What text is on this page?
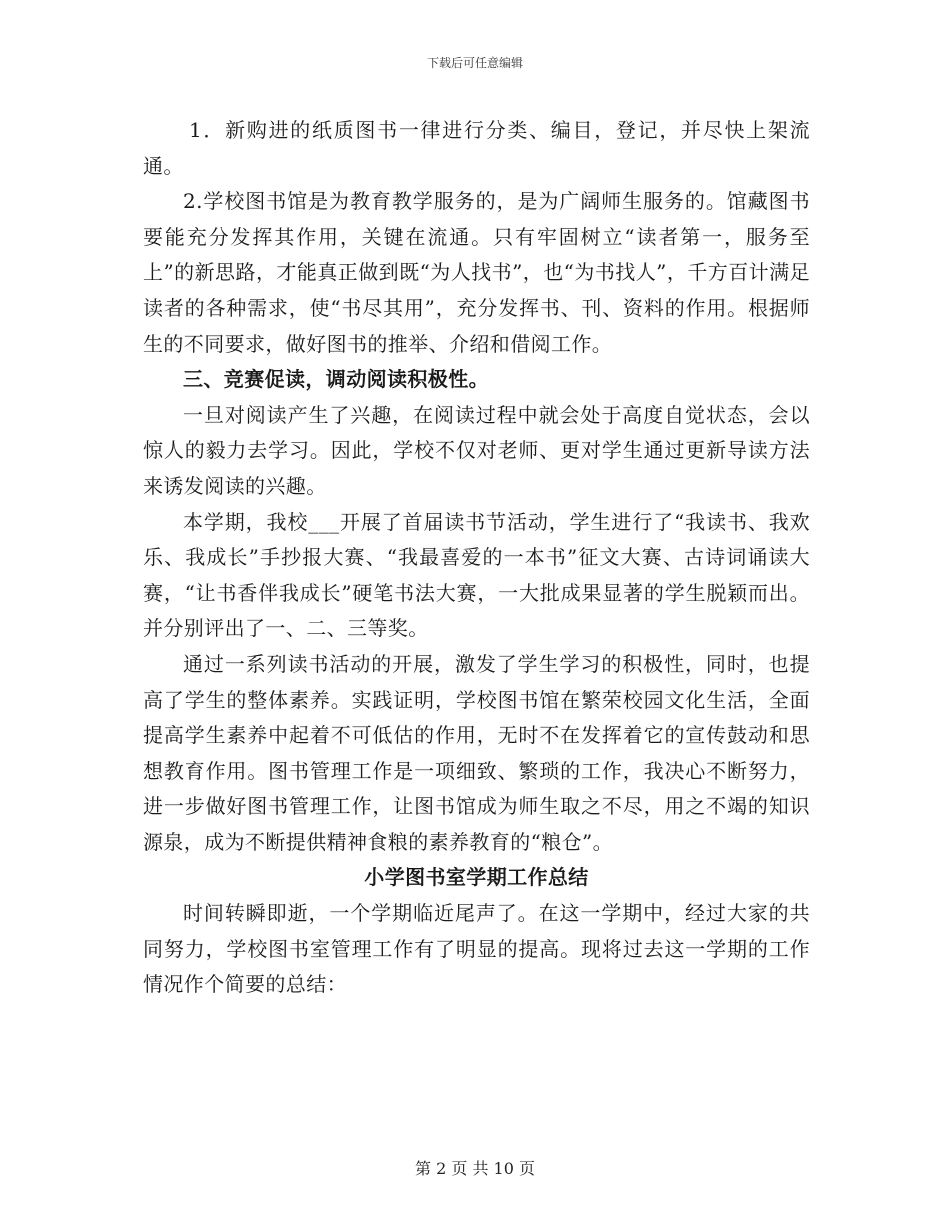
下载后可任意编辑

1．新购进的纸质图书一律进行分类、编目，登记，并尽快上架流通。

2.学校图书馆是为教育教学服务的，是为广阔师生服务的。馆藏图书要能充分发挥其作用，关键在流通。只有牢固树立“读者第一，服务至上”的新思路，才能真正做到既“为人找书”，也“为书找人”，千方百计满足读者的各种需求，使“书尽其用”，充分发挥书、刊、资料的作用。根据师生的不同要求，做好图书的推举、介绍和借阅工作。

三、竞赛促读，调动阅读积极性。

一旦对阅读产生了兴趣，在阅读过程中就会处于高度自觉状态，会以惊人的毅力去学习。因此，学校不仅对老师、更对学生通过更新导读方法来诱发阅读的兴趣。

本学期，我校___开展了首届读书节活动，学生进行了“我读书、我欢乐、我成长”手抄报大赛、“我最喜爱的一本书”征文大赛、古诗词诵读大赛，“让书香伴我成长”硬笔书法大赛，一大批成果显著的学生脱颖而出。并分别评出了一、二、三等奖。

通过一系列读书活动的开展，激发了学生学习的积极性，同时，也提高了学生的整体素养。实践证明，学校图书馆在繁荣校园文化生活，全面提高学生素养中起着不可低估的作用，无时不在发挥着它的宣传鼓动和思想教育作用。图书管理工作是一项细致、繁琐的工作，我决心不断努力，进一步做好图书管理工作，让图书馆成为师生取之不尽，用之不竭的知识源泉，成为不断提供精神食粮的素养教育的“粮仓”。

小学图书室学期工作总结

时间转瞬即逝，一个学期临近尾声了。在这一学期中，经过大家的共同努力，学校图书室管理工作有了明显的提高。现将过去这一学期的工作情况作个简要的总结：

第 2 页 共 10 页
